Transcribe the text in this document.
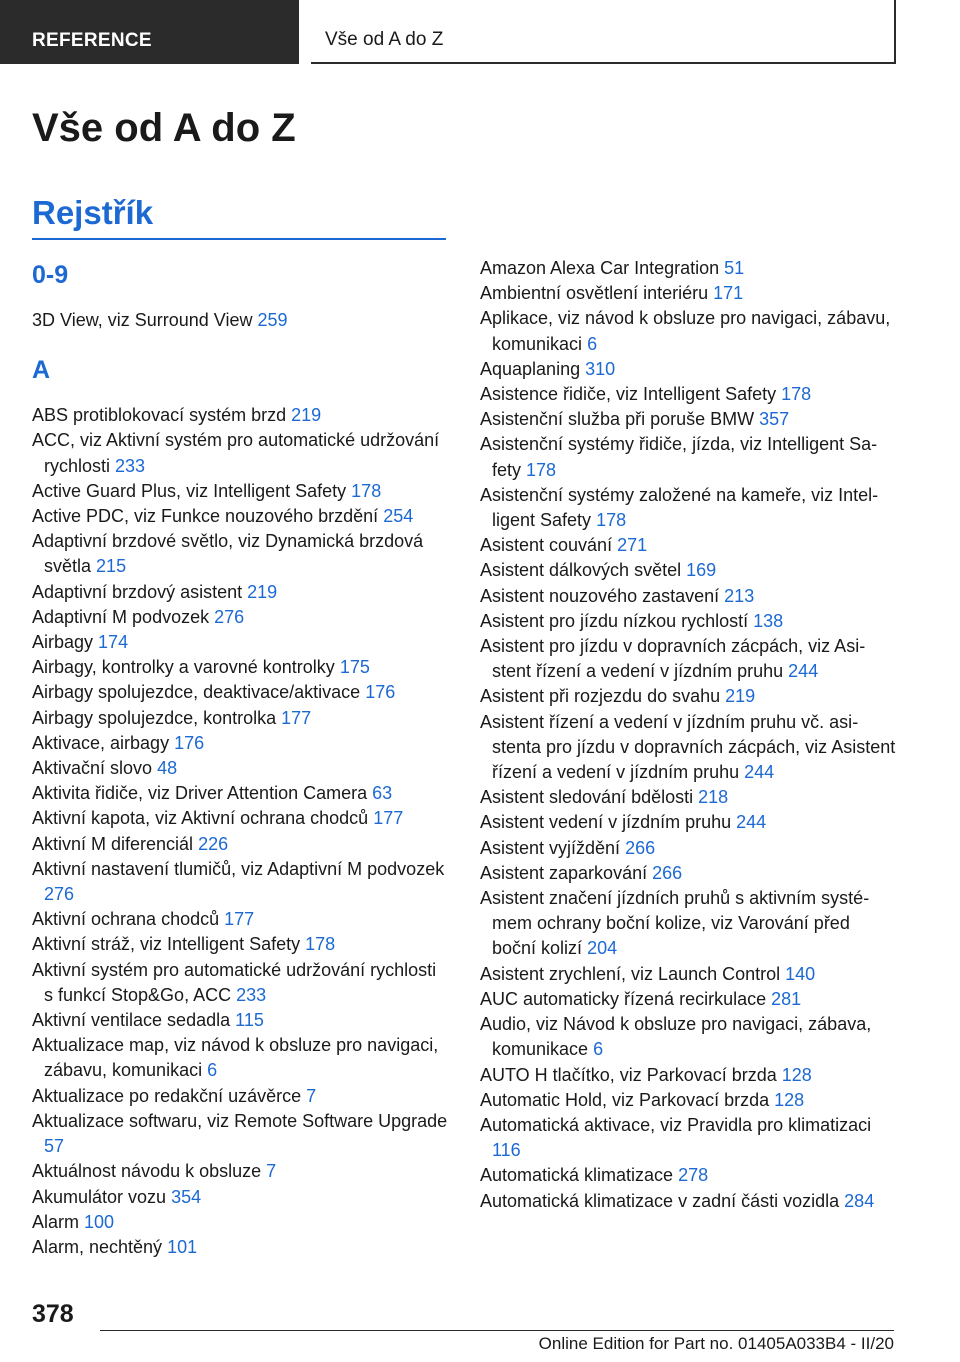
REFERENCE	Vše od A do Z
Vše od A do Z
Rejstřík
0-9
3D View, viz Surround View 259
A
ABS protiblokovací systém brzd 219
ACC, viz Aktivní systém pro automatické udržování rychlosti 233
Active Guard Plus, viz Intelligent Safety 178
Active PDC, viz Funkce nouzového brzdění 254
Adaptivní brzdové světlo, viz Dynamická brzdová světla 215
Adaptivní brzdový asistent 219
Adaptivní M podvozek 276
Airbagy 174
Airbagy, kontrolky a varovné kontrolky 175
Airbagy spolujezdce, deaktivace/aktivace 176
Airbagy spolujezdce, kontrolka 177
Aktivace, airbagy 176
Aktivační slovo 48
Aktivita řidiče, viz Driver Attention Camera 63
Aktivní kapota, viz Aktivní ochrana chodců 177
Aktivní M diferenciál 226
Aktivní nastavení tlumičů, viz Adaptivní M podvozek 276
Aktivní ochrana chodců 177
Aktivní stráž, viz Intelligent Safety 178
Aktivní systém pro automatické udržování rychlosti s funkcí Stop&Go, ACC 233
Aktivní ventilace sedadla 115
Aktualizace map, viz návod k obsluze pro navigaci, zábavu, komunikaci 6
Aktualizace po redakční uzávěrce 7
Aktualizace softwaru, viz Remote Software Upgrade 57
Aktuálnost návodu k obsluze 7
Akumulátor vozu 354
Alarm 100
Alarm, nechtěný 101
Amazon Alexa Car Integration 51
Ambientní osvětlení interiéru 171
Aplikace, viz návod k obsluze pro navigaci, zábavu, komunikaci 6
Aquaplaning 310
Asistence řidiče, viz Intelligent Safety 178
Asistenční služba při poruše BMW 357
Asistenční systémy řidiče, jízda, viz Intelligent Safety 178
Asistenční systémy založené na kameře, viz Intelligent Safety 178
Asistent couvání 271
Asistent dálkových světel 169
Asistent nouzového zastavení 213
Asistent pro jízdu nízkou rychlostí 138
Asistent pro jízdu v dopravních zácpách, viz Asistent řízení a vedení v jízdním pruhu 244
Asistent při rozjezdu do svahu 219
Asistent řízení a vedení v jízdním pruhu vč. asistenta pro jízdu v dopravních zácpách, viz Asistent řízení a vedení v jízdním pruhu 244
Asistent sledování bdělosti 218
Asistent vedení v jízdním pruhu 244
Asistent vyjíždění 266
Asistent zaparkování 266
Asistent značení jízdních pruhů s aktivním systémem ochrany boční kolize, viz Varování před boční kolizí 204
Asistent zrychlení, viz Launch Control 140
AUC automaticky řízená recirkulace 281
Audio, viz Návod k obsluze pro navigaci, zábava, komunikace 6
AUTO H tlačítko, viz Parkovací brzda 128
Automatic Hold, viz Parkovací brzda 128
Automatická aktivace, viz Pravidla pro klimatizaci 116
Automatická klimatizace 278
Automatická klimatizace v zadní části vozidla 284
378
Online Edition for Part no. 01405A033B4 - II/20
